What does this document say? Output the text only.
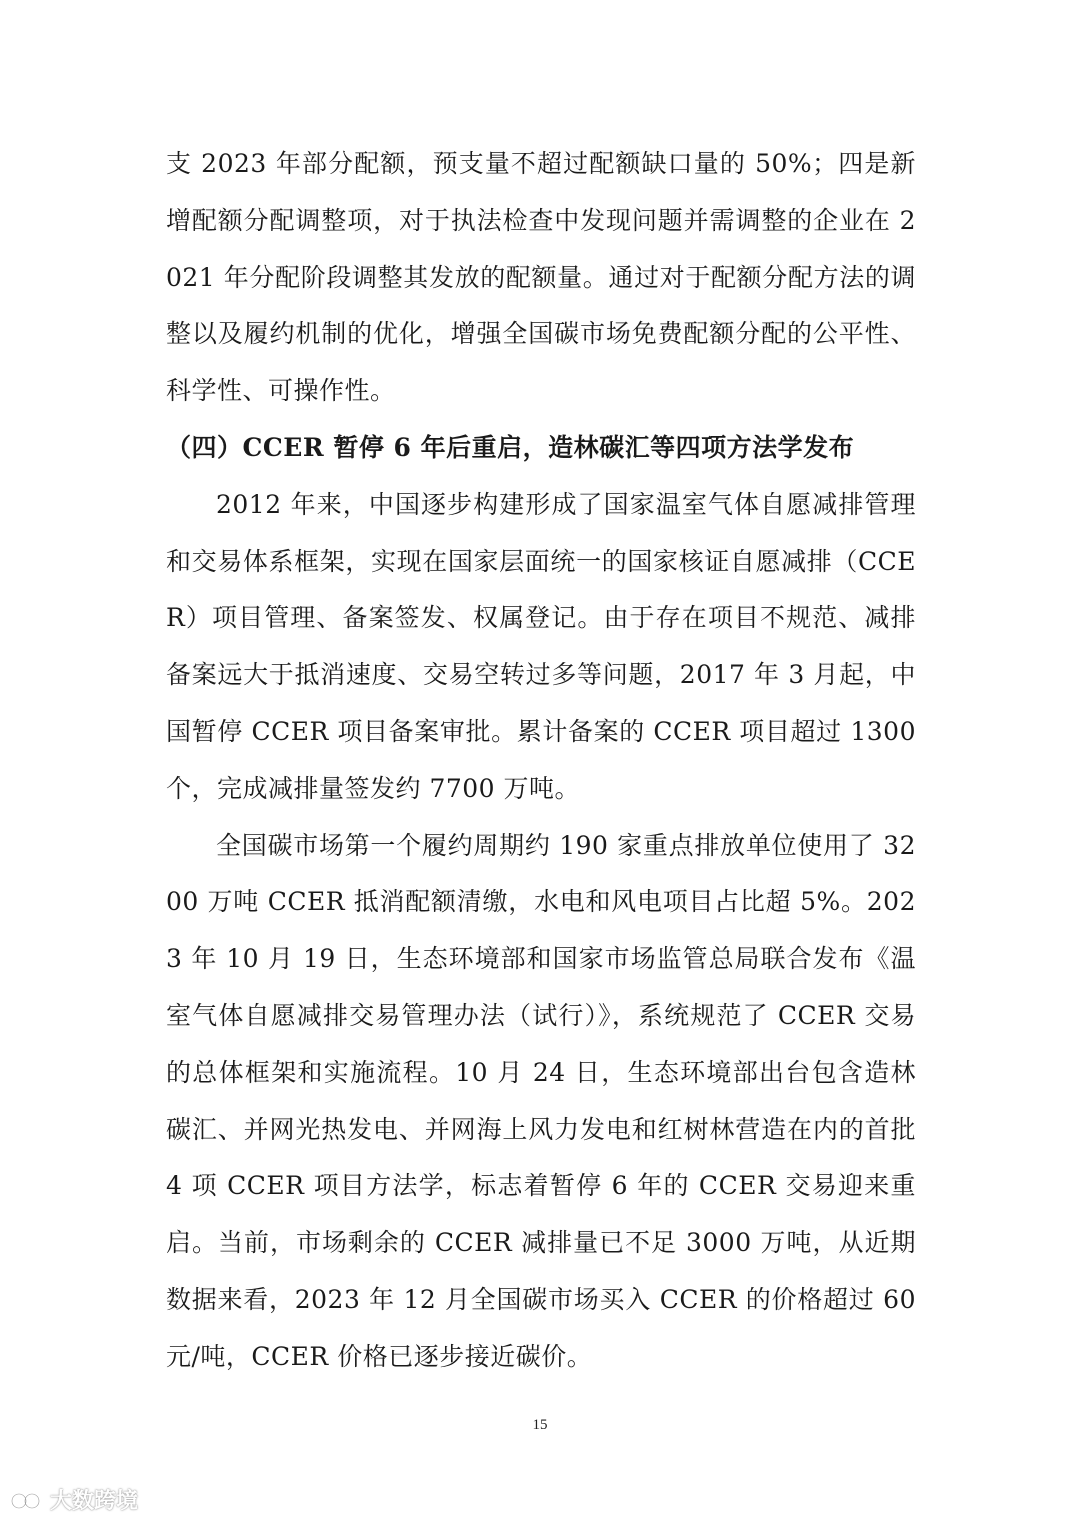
支 2023 年部分配额，预支量不超过配额缺口量的 50%；四是新增配额分配调整项，对于执法检查中发现问题并需调整的企业在 2021 年分配阶段调整其发放的配额量。通过对于配额分配方法的调整以及履约机制的优化，增强全国碳市场免费配额分配的公平性、科学性、可操作性。

（四）CCER 暂停 6 年后重启，造林碳汇等四项方法学发布

2012 年来，中国逐步构建形成了国家温室气体自愿减排管理和交易体系框架，实现在国家层面统一的国家核证自愿减排（CCER）项目管理、备案签发、权属登记。由于存在项目不规范、减排备案远大于抵消速度、交易空转过多等问题，2017 年 3 月起，中国暂停 CCER 项目备案审批。累计备案的 CCER 项目超过 1300 个，完成减排量签发约 7700 万吨。

全国碳市场第一个履约周期约 190 家重点排放单位使用了 3200 万吨 CCER 抵消配额清缴，水电和风电项目占比超 5%。2023 年 10 月 19 日，生态环境部和国家市场监管总局联合发布《温室气体自愿减排交易管理办法（试行）》，系统规范了 CCER 交易的总体框架和实施流程。10 月 24 日，生态环境部出台包含造林碳汇、并网光热发电、并网海上风力发电和红树林营造在内的首批 4 项 CCER 项目方法学，标志着暂停 6 年的 CCER 交易迎来重启。当前，市场剩余的 CCER 减排量已不足 3000 万吨，从近期数据来看，2023 年 12 月全国碳市场买入 CCER 的价格超过 60 元/吨，CCER 价格已逐步接近碳价。

15
大数跨境
